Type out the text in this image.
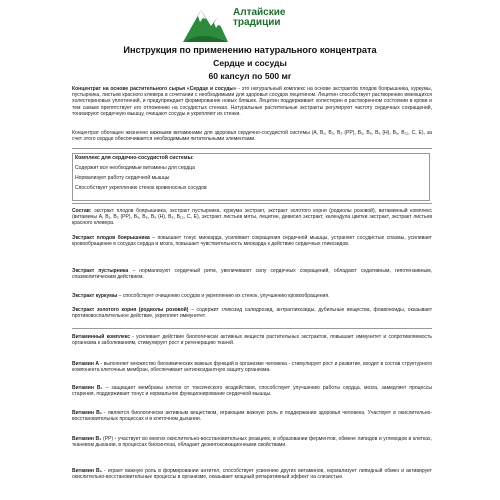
Алтайские
традиции
Инструкция по применению натурального концентрата
Сердце и сосуды
60 капсул по 500 мг
Концентрат на основе растительного сырья «Сердце и сосуды» - это натуральный комплекс на основе экстрактов плодов боярышника, куркумы, пустырника, листьев красного клевера в сочетании с необходимыми для здоровья сосудов лецитином. Лецитин способствует растворению имеющихся холестериновых уплотнений, и предупреждает формирование новых бляшек. Лецитин поддерживает холестерин в растворенном состоянии в крови и тем самым препятствует его отложению на сосудистых стенках. Натуральные растительные экстракты регулируют частоту сердечных сокращений, тонизируют сердечную мышцу, очищают сосуды и укрепляют их стенки.
Концентрат обогащен жизненно важными витаминами для здоровья сердечно-сосудистой системы (A, B₁, B₂, B₃ (PP), B₅, B₆, B₉ (H), B₉, B₁₂, C, E), за счет этого сердце обеспечивается необходимыми питательными элементами.
Комплекс для сердечно-сосудистой системы:
Содержит все необходимые витамины для сердца
Нормализует работу сердечной мышцы
Способствует укреплению стенок кровеносных сосудов
Состав: экстракт плодов боярышника, экстракт пустырника, куркума экстракт, экстракт золотого корня (родиолы розовой), витаминный комплекс (витамины A, B₁, B₂ (PP), B₅, B₆, B₉ (H), B₉, B₁₂, C, E), экстракт листьев мяты, лецитин, девисил экстракт, календула цветки экстракт, экстракт листьев красного клевера.
Экстракт плодов боярышника – повышает тонус миокарда, усиливает сокращения сердечной мышцы, устраняет сосудистые спазмы, усиливает кровообращение в сосудах сердца и мозга, повышает чувствительность миокарда к действию сердечных гликозидов.
Экстракт пустырника – нормализуют сердечный ритм, увеличивают силу сердечных сокращений, обладают седативным, гипотензивным, спазмолитическим действием.
Экстракт куркумы – способствует очищению сосудов и укреплению их стенок, улучшению кровообращения.
Экстракт золотого корня (родиолы розовой) – содержит гликозид салидрозид, антрагликозиды, дубильные вещества, флавоноиды, оказывает противовоспалительное действие, укрепляет иммунитет.
Витаминный комплекс - усиливает действие биологически активных веществ растительных экстрактов, повышает иммунитет и сопротивляемость организма к заболеваниям, стимулирует рост и регенерацию тканей.
Витамин A - выполняет множество биохимических важных функций в организме человека - стимулирует рост и развитие, входит в состав структурного компонента клеточных мембран, обеспечивает антиоксидантную защиту организма.
Витамин B₁ – защищает мембраны клеток от токсического воздействия, способствует улучшению работы сердца, мозга, замедляет процессы старения, поддерживает тонус и нормальное функционирование сердечной мышцы.
Витамин B₂ - является биологически активным веществом, играющим важную роль в поддержании здоровья человека. Участвует в окислительно-восстановительных процессах и в клеточном дыхании.
Витамин B₃ (PP) - участвует во многих окислительно-восстановительных реакциях, в образовании ферментов, обмене липидов и углеводов в клетках, тканевом дыхании, в процессах биосинтеза, обладает дезинтоксикационными свойствами.
Витамин B₅ - играет важную роль в формировании антител, способствует усвоению других витаминов, нормализует липидный обмен и активирует окислительно-восстановительные процессы в организме, оказывает мощный репаративный эффект на слизистые.
